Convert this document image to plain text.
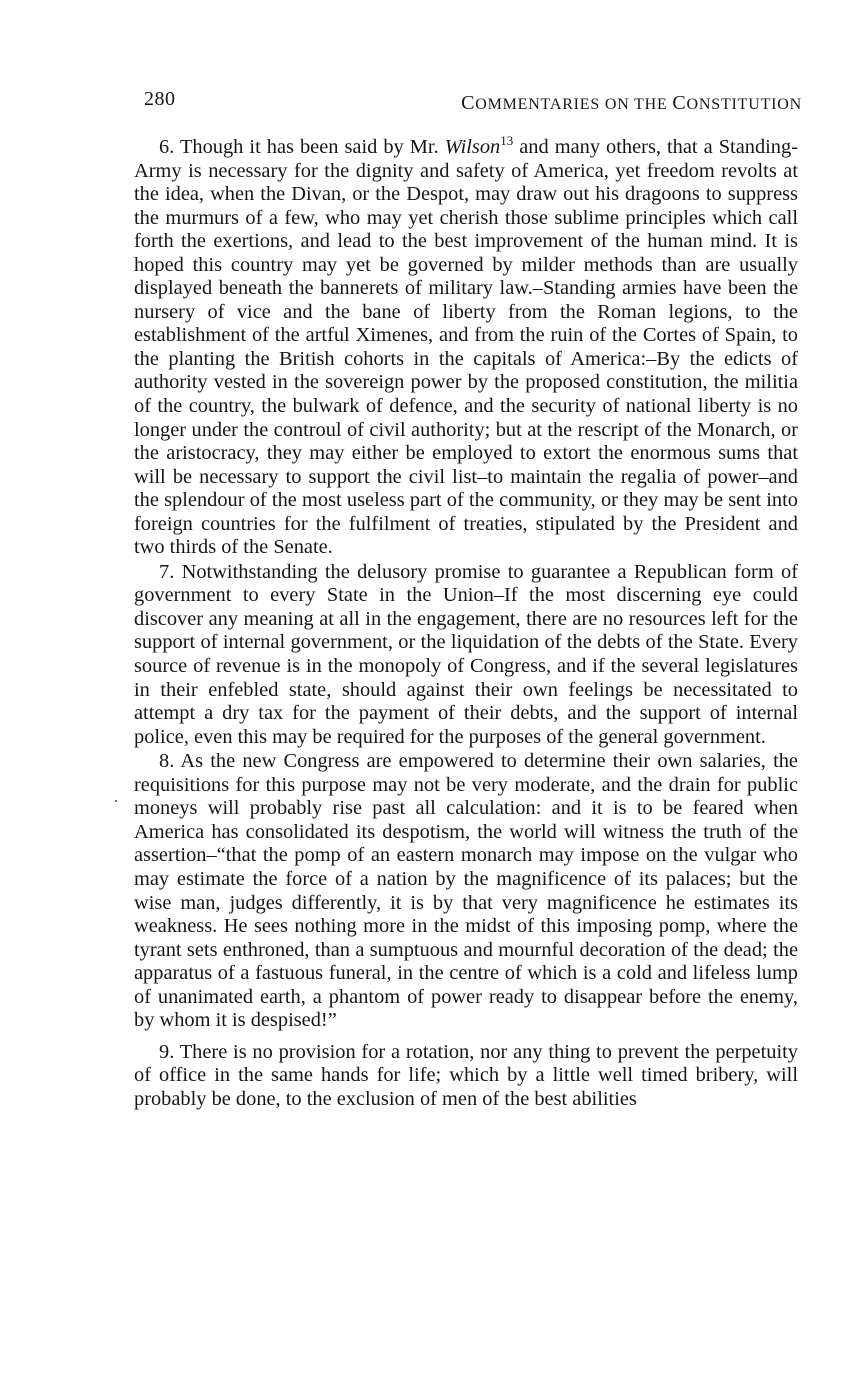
280	COMMENTARIES ON THE CONSTITUTION

6. Though it has been said by Mr. Wilson$^{13}$ and many others, that a Standing-Army is necessary for the dignity and safety of America, yet freedom revolts at the idea, when the Divan, or the Despot, may draw out his dragoons to suppress the murmurs of a few, who may yet cherish those sublime principles which call forth the exertions, and lead to the best improvement of the human mind. It is hoped this country may yet be governed by milder methods than are usually displayed beneath the bannerets of military law.–Standing armies have been the nursery of vice and the bane of liberty from the Roman legions, to the establishment of the artful Ximenes, and from the ruin of the Cortes of Spain, to the planting the British cohorts in the capitals of America:–By the edicts of authority vested in the sovereign power by the proposed constitution, the militia of the country, the bulwark of defence, and the security of national liberty is no longer under the controul of civil authority; but at the rescript of the Monarch, or the aristocracy, they may either be employed to extort the enormous sums that will be necessary to support the civil list–to maintain the regalia of power–and the splendour of the most useless part of the community, or they may be sent into foreign countries for the fulfilment of treaties, stipulated by the President and two thirds of the Senate.

7. Notwithstanding the delusory promise to guarantee a Republican form of government to every State in the Union–If the most discerning eye could discover any meaning at all in the engagement, there are no resources left for the support of internal government, or the liquidation of the debts of the State. Every source of revenue is in the monopoly of Congress, and if the several legislatures in their enfebled state, should against their own feelings be necessitated to attempt a dry tax for the payment of their debts, and the support of internal police, even this may be required for the purposes of the general government.

8. As the new Congress are empowered to determine their own salaries, the requisitions for this purpose may not be very moderate, and the drain for public moneys will probably rise past all calculation: and it is to be feared when America has consolidated its despotism, the world will witness the truth of the assertion–“that the pomp of an eastern monarch may impose on the vulgar who may estimate the force of a nation by the magnificence of its palaces; but the wise man, judges differently, it is by that very magnificence he estimates its weakness. He sees nothing more in the midst of this imposing pomp, where the tyrant sets enthroned, than a sumptuous and mournful decoration of the dead; the apparatus of a fastuous funeral, in the centre of which is a cold and lifeless lump of unanimated earth, a phantom of power ready to disappear before the enemy, by whom it is despised!”

9. There is no provision for a rotation, nor any thing to prevent the perpetuity of office in the same hands for life; which by a little well timed bribery, will probably be done, to the exclusion of men of the best abilities
